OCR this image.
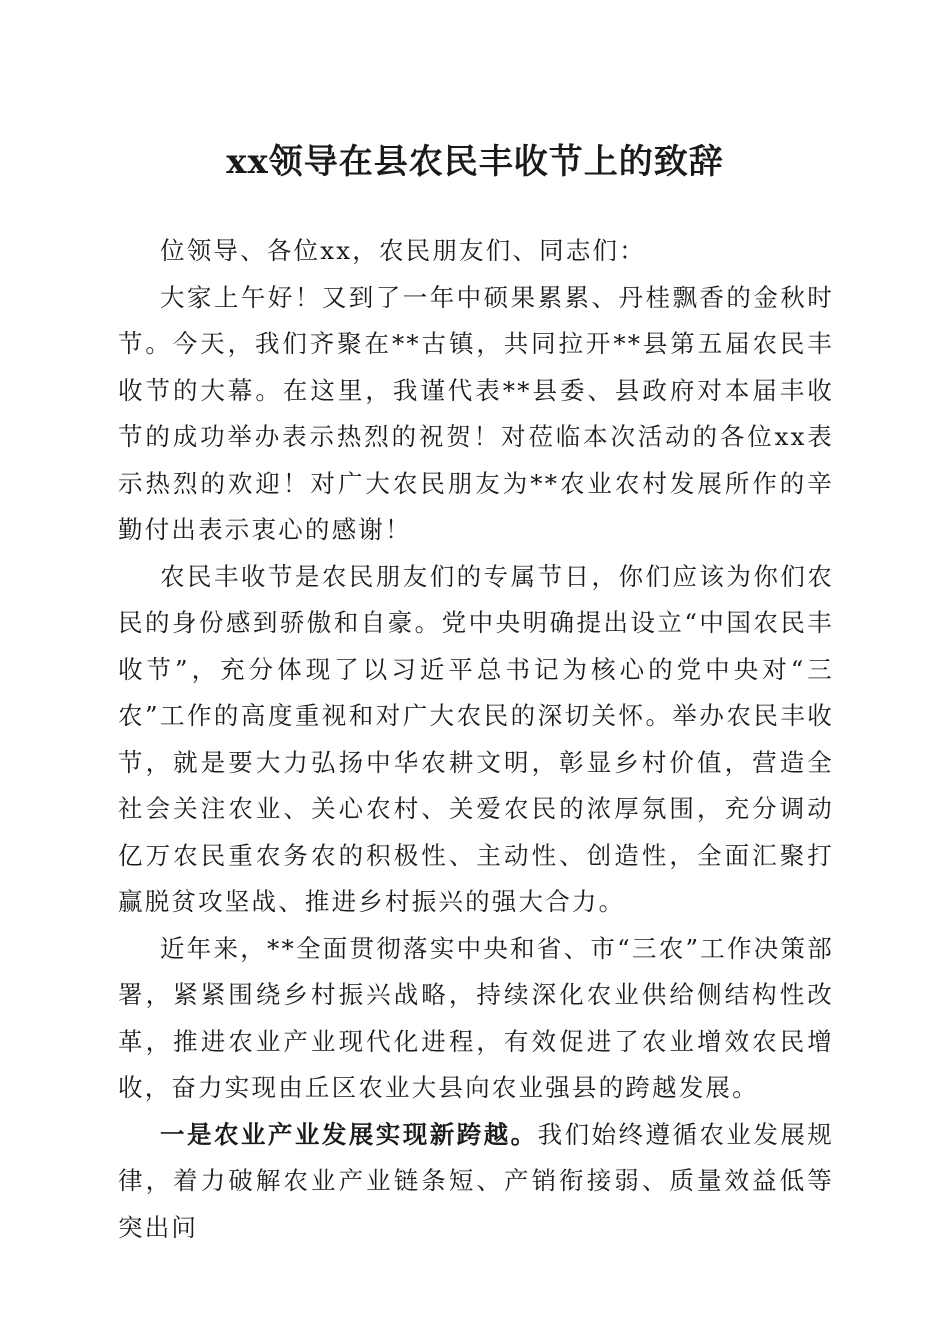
xx领导在县农民丰收节上的致辞

位领导、各位xx，农民朋友们、同志们：

大家上午好！又到了一年中硕果累累、丹桂飘香的金秋时节。今天，我们齐聚在**古镇，共同拉开**县第五届农民丰收节的大幕。在这里，我谨代表**县委、县政府对本届丰收节的成功举办表示热烈的祝贺！对莅临本次活动的各位xx表示热烈的欢迎！对广大农民朋友为**农业农村发展所作的辛勤付出表示衷心的感谢！

农民丰收节是农民朋友们的专属节日，你们应该为你们农民的身份感到骄傲和自豪。党中央明确提出设立“中国农民丰收节”，充分体现了以习近平总书记为核心的党中央对“三农”工作的高度重视和对广大农民的深切关怀。举办农民丰收节，就是要大力弘扬中华农耕文明，彰显乡村价值，营造全社会关注农业、关心农村、关爱农民的浓厚氛围，充分调动亿万农民重农务农的积极性、主动性、创造性，全面汇聚打赢脱贫攻坚战、推进乡村振兴的强大合力。

近年来，**全面贯彻落实中央和省、市“三农”工作决策部署，紧紧围绕乡村振兴战略，持续深化农业供给侧结构性改革，推进农业产业现代化进程，有效促进了农业增效农民增收，奋力实现由丘区农业大县向农业强县的跨越发展。

一是农业产业发展实现新跨越。我们始终遵循农业发展规律，着力破解农业产业链条短、产销衔接弱、质量效益低等突出问
